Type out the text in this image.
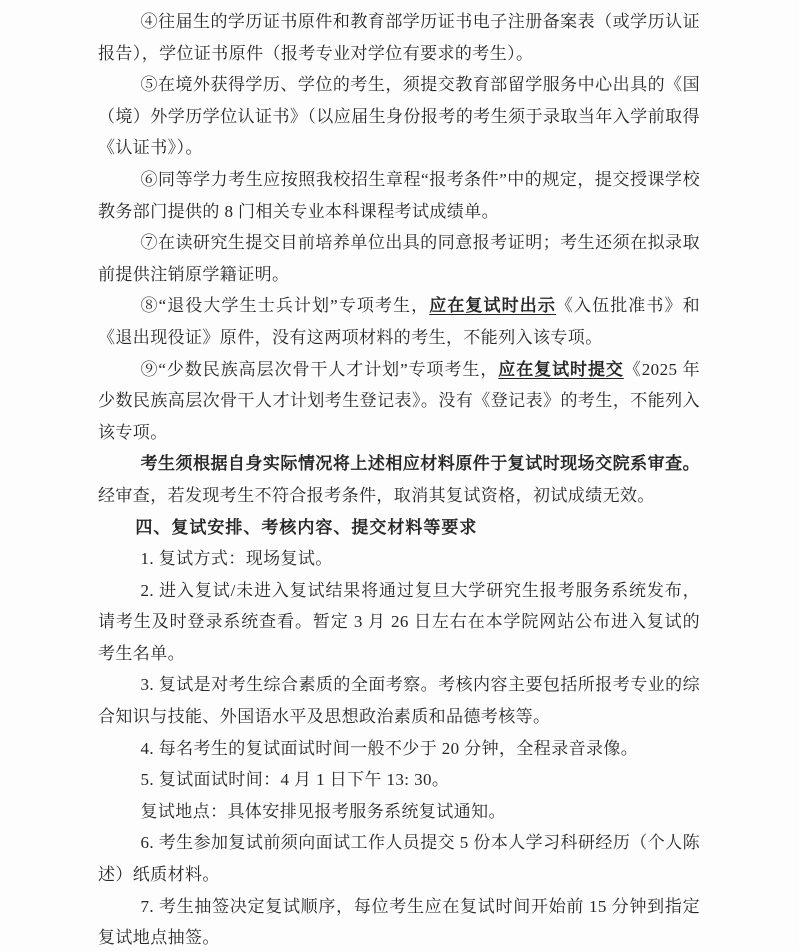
④往届生的学历证书原件和教育部学历证书电子注册备案表（或学历认证报告），学位证书原件（报考专业对学位有要求的考生）。

⑤在境外获得学历、学位的考生，须提交教育部留学服务中心出具的《国（境）外学历学位认证书》（以应届生身份报考的考生须于录取当年入学前取得《认证书》）。

⑥同等学力考生应按照我校招生章程“报考条件”中的规定，提交授课学校教务部门提供的 8 门相关专业本科课程考试成绩单。

⑦在读研究生提交目前培养单位出具的同意报考证明；考生还须在拟录取前提供注销原学籍证明。

⑧“退役大学生士兵计划”专项考生，应在复试时出示《入伍批准书》和《退出现役证》原件，没有这两项材料的考生，不能列入该专项。

⑨“少数民族高层次骨干人才计划”专项考生，应在复试时提交《2025 年少数民族高层次骨干人才计划考生登记表》。没有《登记表》的考生，不能列入该专项。

考生须根据自身实际情况将上述相应材料原件于复试时现场交院系审查。经审查，若发现考生不符合报考条件，取消其复试资格，初试成绩无效。

四、复试安排、考核内容、提交材料等要求

1. 复试方式：现场复试。

2. 进入复试/未进入复试结果将通过复旦大学研究生报考服务系统发布，请考生及时登录系统查看。暂定 3 月 26 日左右在本学院网站公布进入复试的考生名单。

3. 复试是对考生综合素质的全面考察。考核内容主要包括所报考专业的综合知识与技能、外国语水平及思想政治素质和品德考核等。

4. 每名考生的复试面试时间一般不少于 20 分钟，全程录音录像。

5. 复试面试时间：4 月 1 日下午 13: 30。

复试地点：具体安排见报考服务系统复试通知。

6. 考生参加复试前须向面试工作人员提交 5 份本人学习科研经历（个人陈述）纸质材料。

7. 考生抽签决定复试顺序，每位考生应在复试时间开始前 15 分钟到指定复试地点抽签。
